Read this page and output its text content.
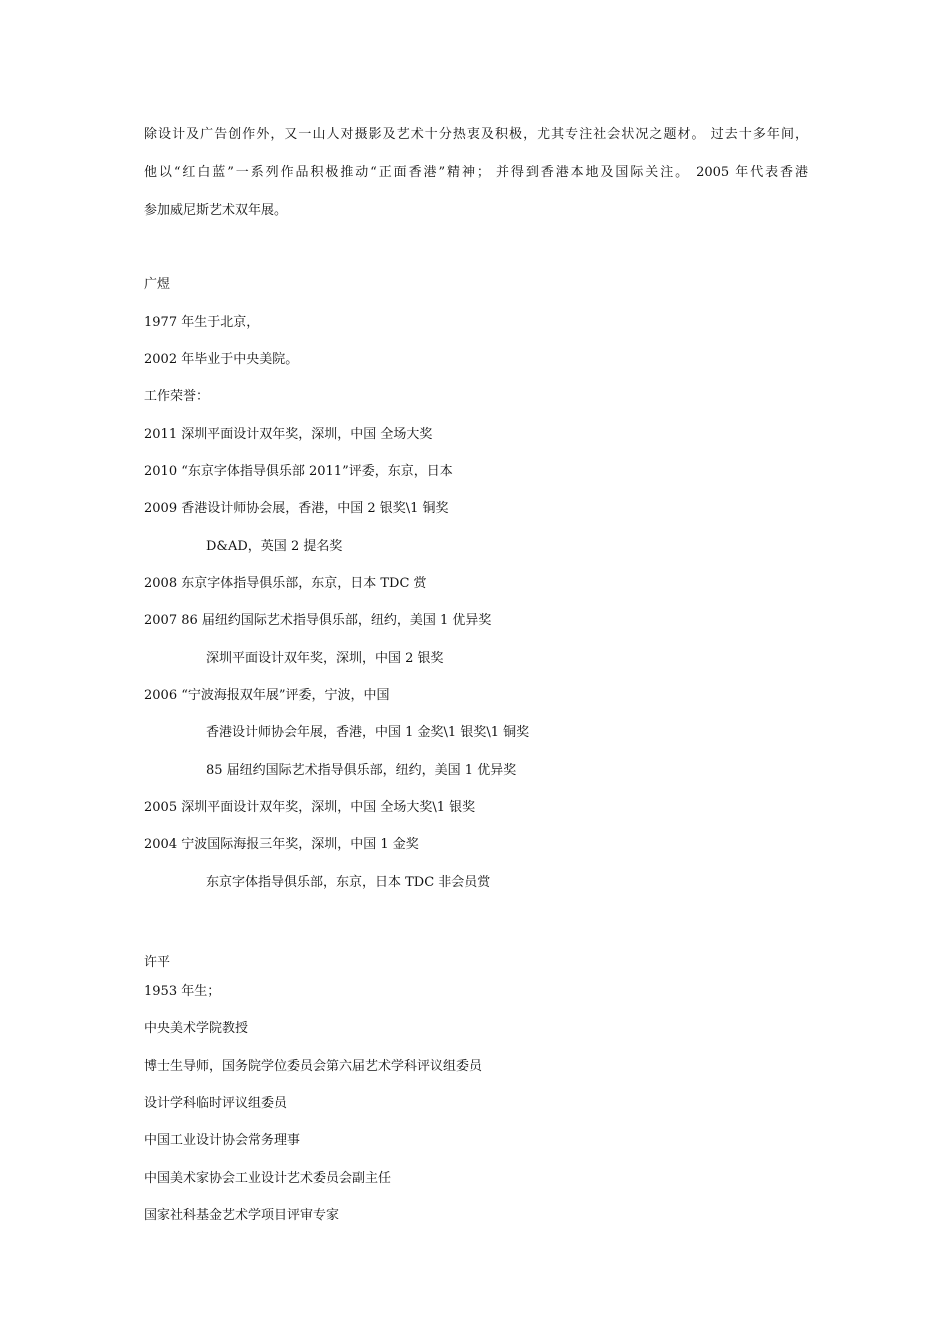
除设计及广告创作外，又一山人对摄影及艺术十分热衷及积极，尤其专注社会状况之题材。 过去十多年间，
他以“红白蓝”一系列作品积极推动“正面香港”精神； 并得到香港本地及国际关注。 2005 年代表香港
参加威尼斯艺术双年展。
广煜
1977 年生于北京，
2002 年毕业于中央美院。
工作荣誉：
2011 深圳平面设计双年奖，深圳，中国 全场大奖
2010 “东京字体指导俱乐部 2011”评委，东京，日本
2009 香港设计师协会展，香港，中国 2 银奖\1 铜奖
D&AD，英国 2 提名奖
2008 东京字体指导俱乐部，东京，日本 TDC 赏
2007 86 届纽约国际艺术指导俱乐部，纽约，美国 1 优异奖
深圳平面设计双年奖，深圳，中国 2 银奖
2006 “宁波海报双年展”评委，宁波，中国
香港设计师协会年展，香港，中国 1 金奖\1 银奖\1 铜奖
85 届纽约国际艺术指导俱乐部，纽约，美国 1 优异奖
2005 深圳平面设计双年奖，深圳，中国 全场大奖\1 银奖
2004 宁波国际海报三年奖，深圳，中国 1 金奖
东京字体指导俱乐部，东京，日本 TDC 非会员赏
许平
1953 年生；
中央美术学院教授
博士生导师，国务院学位委员会第六届艺术学科评议组委员
设计学科临时评议组委员
中国工业设计协会常务理事
中国美术家协会工业设计艺术委员会副主任
国家社科基金艺术学项目评审专家
